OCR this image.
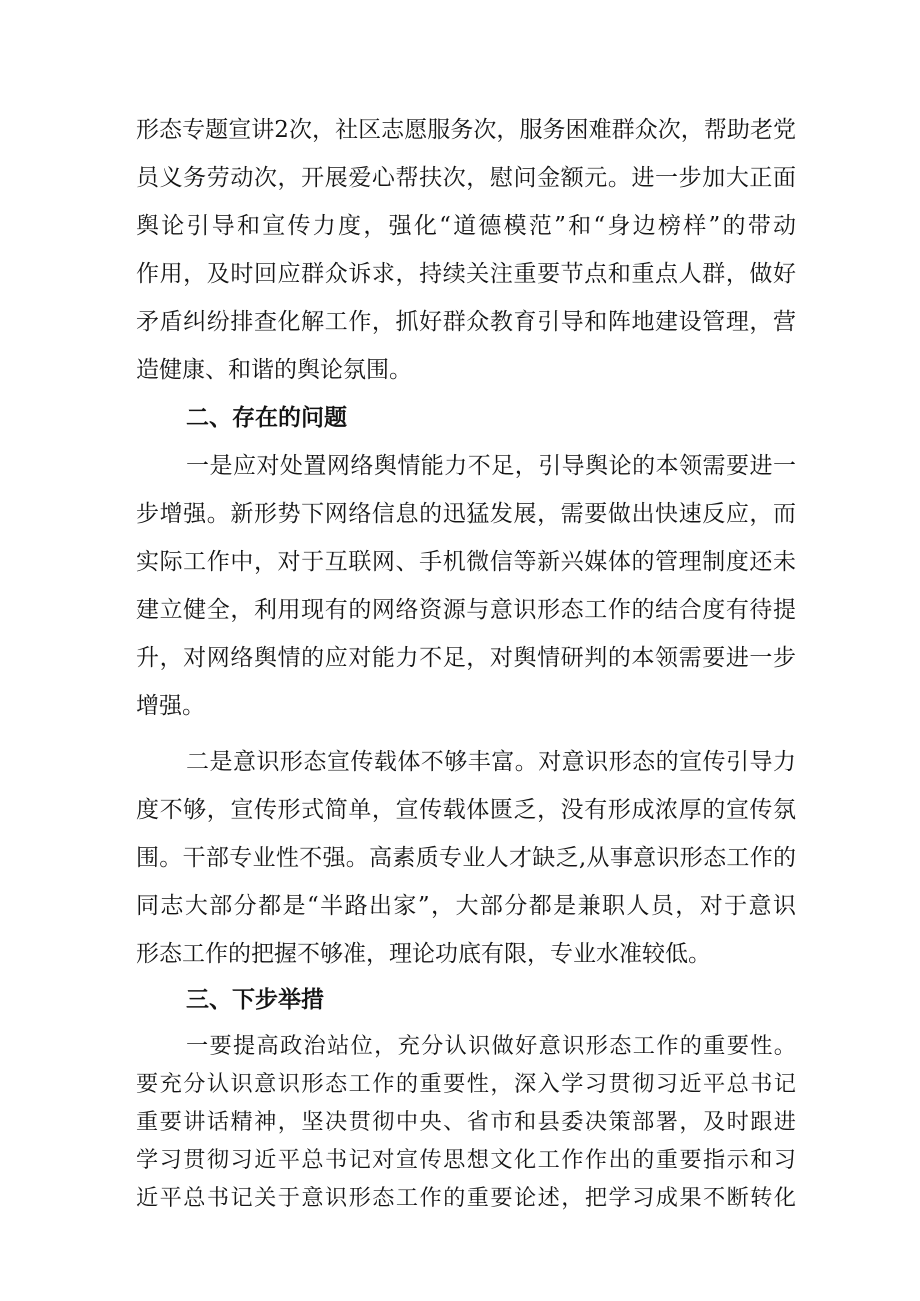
形态专题宣讲2次，社区志愿服务次，服务困难群众次，帮助老党
员义务劳动次，开展爱心帮扶次，慰问金额元。进一步加大正面
舆论引导和宣传力度，强化“道德模范”和“身边榜样”的带动
作用，及时回应群众诉求，持续关注重要节点和重点人群，做好
矛盾纠纷排查化解工作，抓好群众教育引导和阵地建设管理，营
造健康、和谐的舆论氛围。
二、存在的问题
一是应对处置网络舆情能力不足，引导舆论的本领需要进一
步增强。新形势下网络信息的迅猛发展，需要做出快速反应，而
实际工作中，对于互联网、手机微信等新兴媒体的管理制度还未
建立健全，利用现有的网络资源与意识形态工作的结合度有待提
升，对网络舆情的应对能力不足，对舆情研判的本领需要进一步
增强。
二是意识形态宣传载体不够丰富。对意识形态的宣传引导力
度不够，宣传形式简单，宣传载体匮乏，没有形成浓厚的宣传氛
围。干部专业性不强。高素质专业人才缺乏,从事意识形态工作的
同志大部分都是“半路出家”，大部分都是兼职人员，对于意识
形态工作的把握不够准，理论功底有限，专业水准较低。
三、下步举措
一要提高政治站位，充分认识做好意识形态工作的重要性。
要充分认识意识形态工作的重要性，深入学习贯彻习近平总书记
重要讲话精神，坚决贯彻中央、省市和县委决策部署，及时跟进
学习贯彻习近平总书记对宣传思想文化工作作出的重要指示和习
近平总书记关于意识形态工作的重要论述，把学习成果不断转化
